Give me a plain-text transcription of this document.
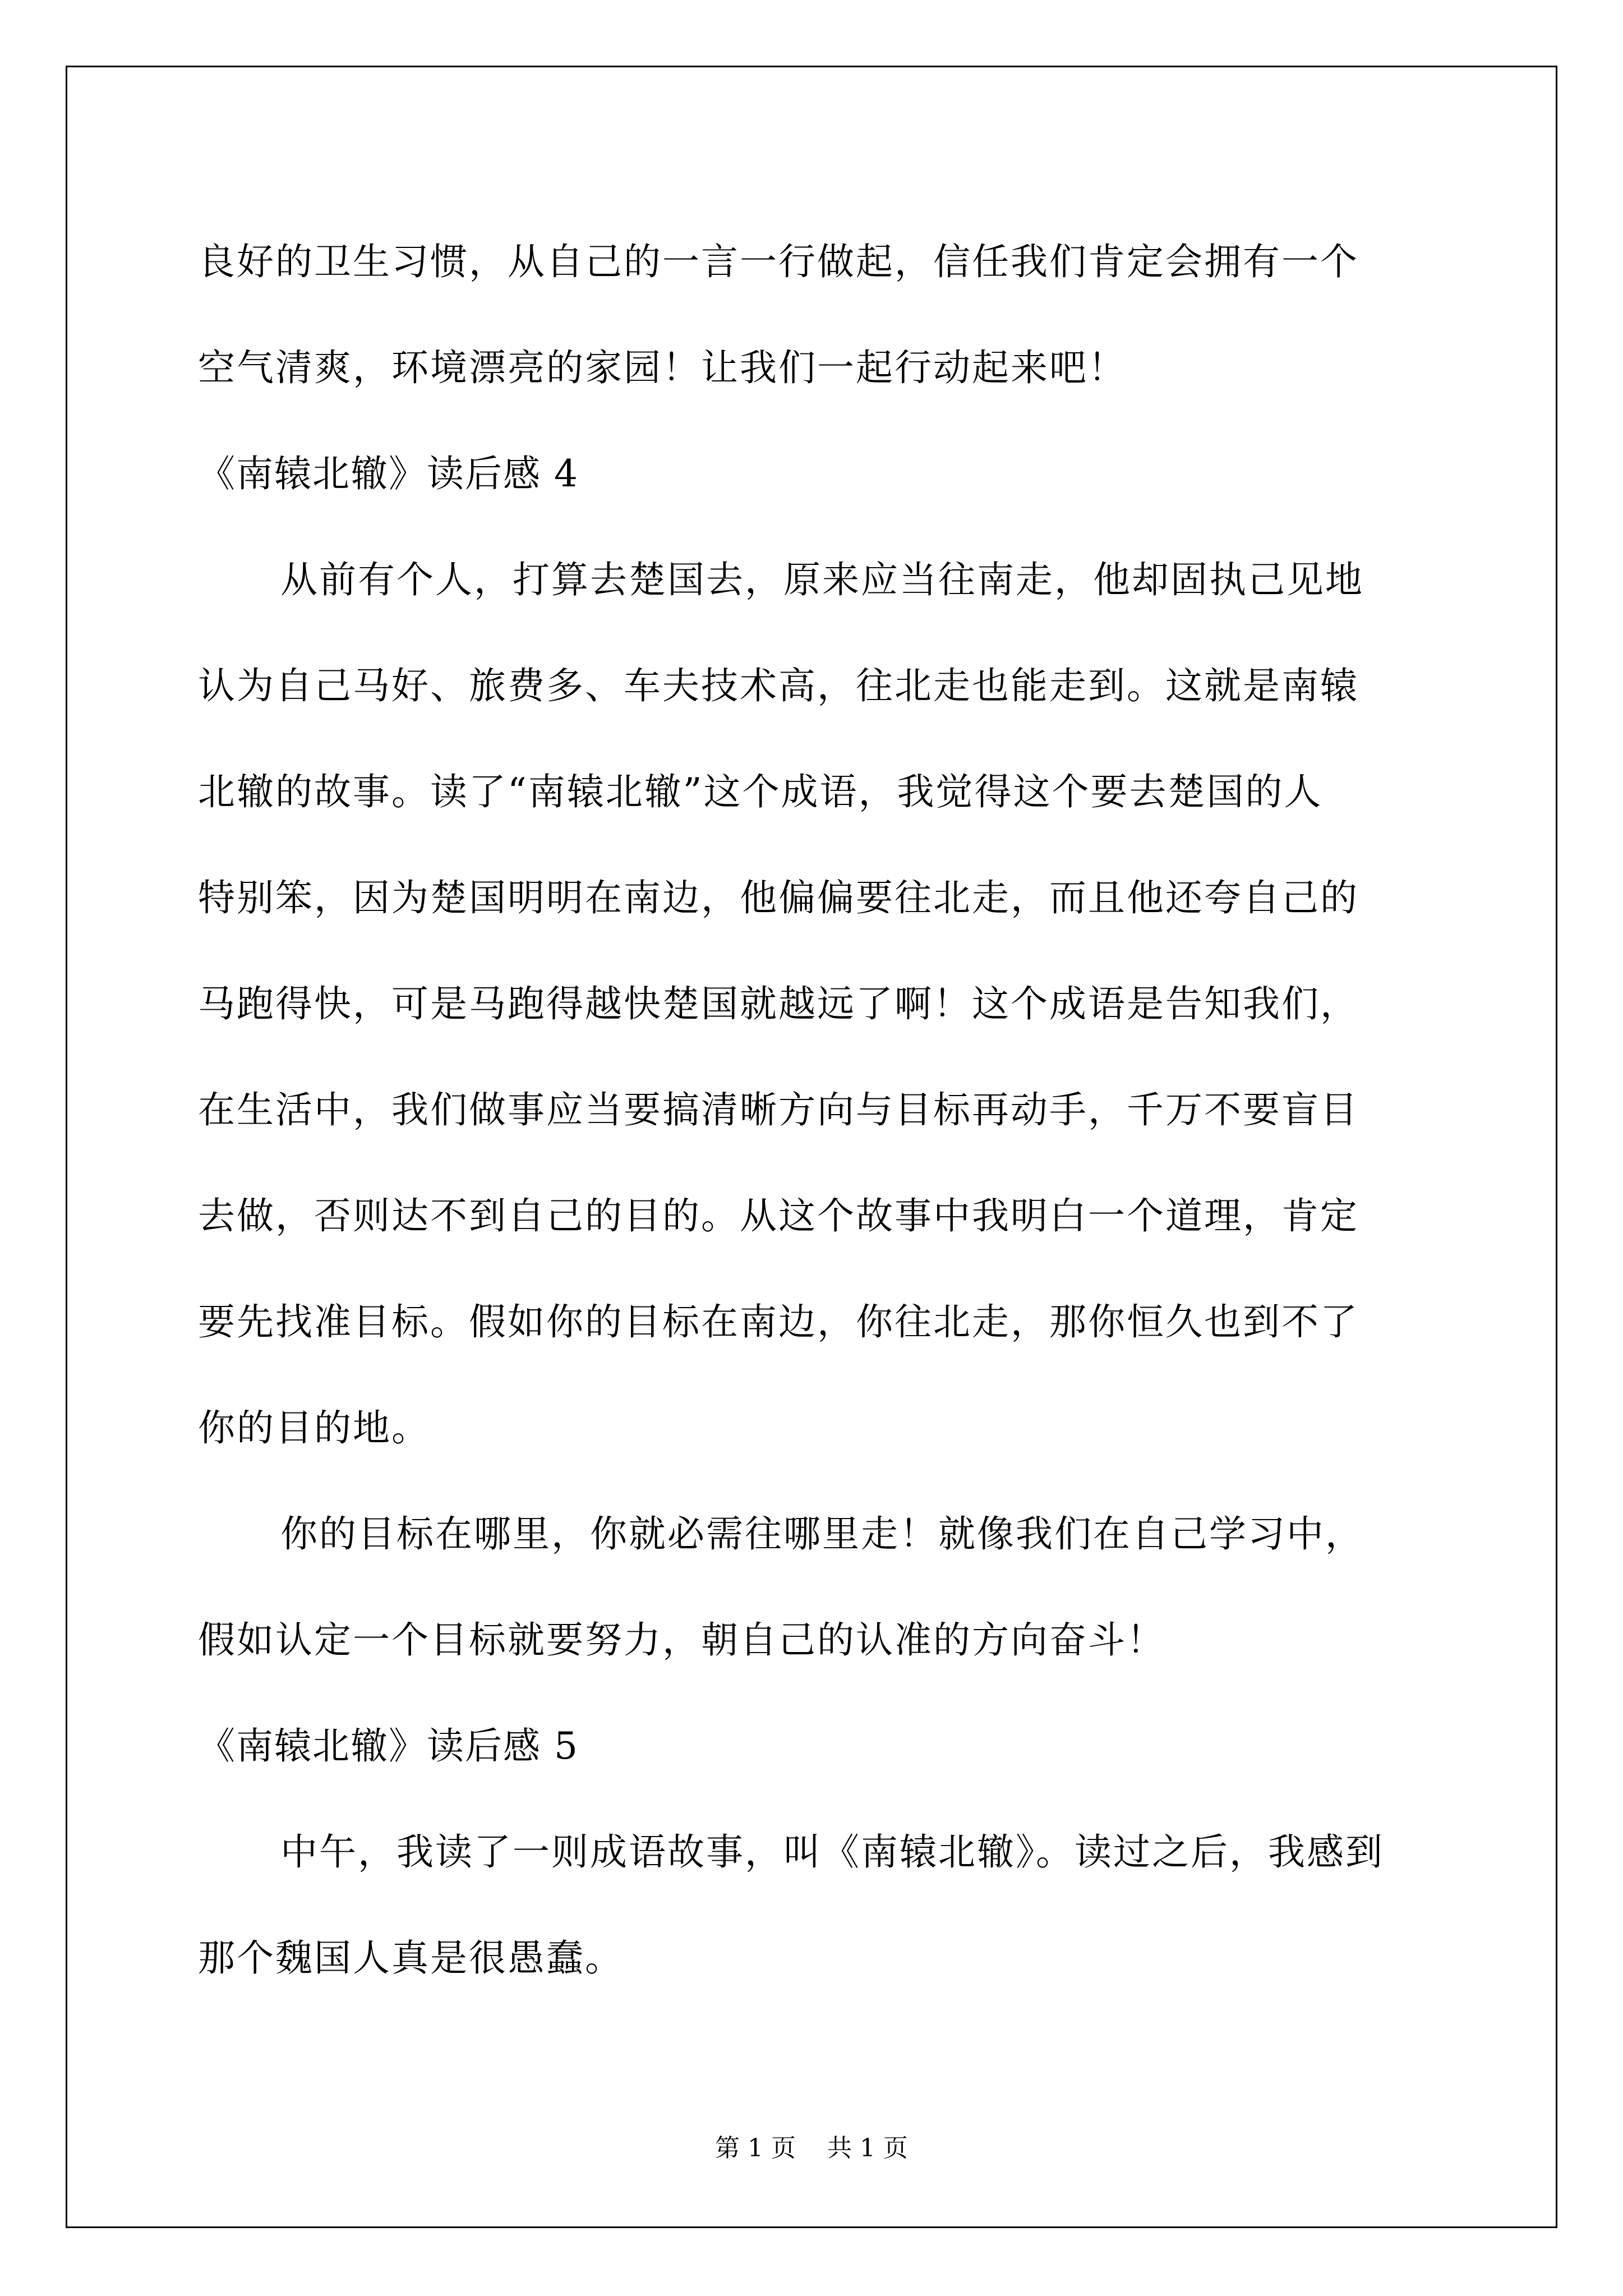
良好的卫生习惯，从自己的一言一行做起，信任我们肯定会拥有一个
空气清爽，环境漂亮的家园！让我们一起行动起来吧！
《南辕北辙》读后感 4
从前有个人，打算去楚国去，原来应当往南走，他却固执己见地
认为自己马好、旅费多、车夫技术高，往北走也能走到。这就是南辕
北辙的故事。读了“南辕北辙”这个成语，我觉得这个要去楚国的人
特别笨，因为楚国明明在南边，他偏偏要往北走，而且他还夸自己的
马跑得快，可是马跑得越快楚国就越远了啊！这个成语是告知我们，
在生活中，我们做事应当要搞清晰方向与目标再动手，千万不要盲目
去做，否则达不到自己的目的。从这个故事中我明白一个道理，肯定
要先找准目标。假如你的目标在南边，你往北走，那你恒久也到不了
你的目的地。
你的目标在哪里，你就必需往哪里走！就像我们在自己学习中，
假如认定一个目标就要努力，朝自己的认准的方向奋斗！
《南辕北辙》读后感 5
中午，我读了一则成语故事，叫《南辕北辙》。读过之后，我感到
那个魏国人真是很愚蠢。
第 1 页    共 1 页
